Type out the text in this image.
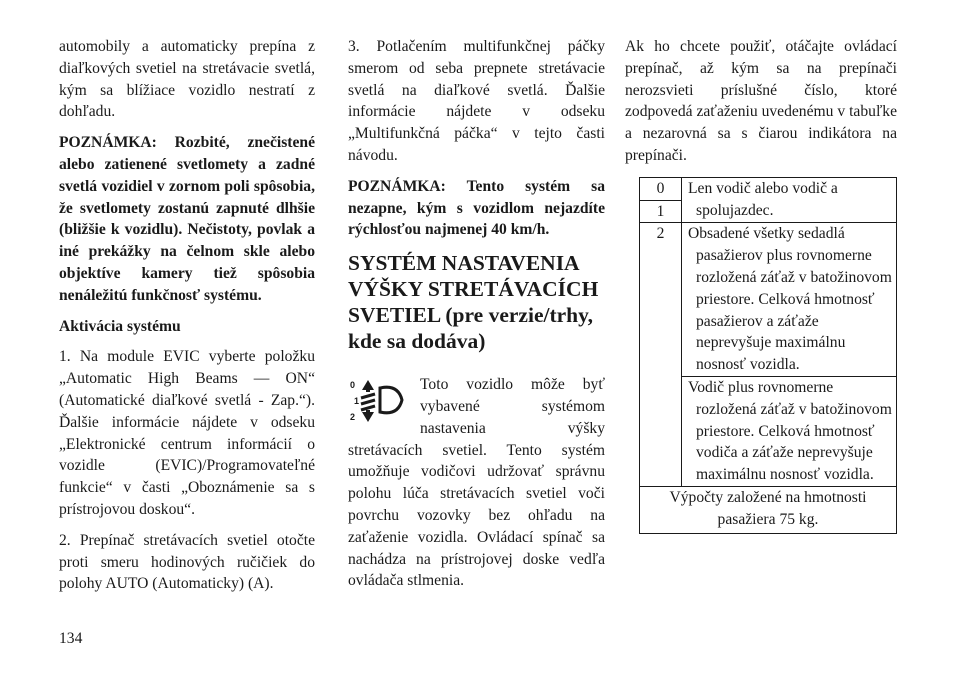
automobily a automaticky prepína z diaľkových svetiel na stretávacie svetlá, kým sa blížiace vozidlo nestratí z dohľadu.

POZNÁMKA: Rozbité, znečistené alebo zatienené svetlomety a zadné svetlá vozidiel v zornom poli spôsobia, že svetlomety zostanú zapnuté dlhšie (bližšie k vozidlu). Nečistoty, povlak a iné prekážky na čelnom skle alebo objektíve kamery tiež spôsobia nenáležitú funkčnosť systému.

Aktivácia systému

1. Na module EVIC vyberte položku „Automatic High Beams — ON“ (Automatické diaľkové svetlá - Zap.“). Ďalšie informácie nájdete v odseku „Elektronické centrum informácií o vozidle (EVIC)/Programovateľné funkcie“ v časti „Oboznámenie sa s prístrojovou doskou“.

2. Prepínač stretávacích svetiel otočte proti smeru hodinových ručičiek do polohy AUTO (Automaticky) (A).

3. Potlačením multifunkčnej páčky smerom od seba prepnete stretávacie svetlá na diaľkové svetlá. Ďalšie informácie nájdete v odseku „Multifunkčná páčka“ v tejto časti návodu.

POZNÁMKA: Tento systém sa nezapne, kým s vozidlom nejazdíte rýchlosťou najmenej 40 km/h.

SYSTÉM NASTAVENIA VÝŠKY STRETÁVACÍCH SVETIEL (pre verzie/trhy, kde sa dodáva)
0
1
2

Toto vozidlo môže byť vybavené systémom nastavenia výšky stretávacích svetiel. Tento systém umožňuje vodičovi udržovať správnu polohu lúča stretávacích svetiel voči povrchu vozovky bez ohľadu na zaťaženie vozidla. Ovládací spínač sa nachádza na prístrojovej doske vedľa ovládača stlmenia.

Ak ho chcete použiť, otáčajte ovládací prepínač, až kým sa na prepínači nerozsvieti príslušné číslo, ktoré zodpovedá zaťaženiu uvedenému v tabuľke a nezarovná sa s čiarou indikátora na prepínači.

0	Len vodič alebo vodič a spolujazdec.
1	
2	Obsadené všetky sedadlá pasažierov plus rovnomerne rozložená záťaž v batožinovom priestore. Celková hmotnosť pasažierov a záťaže neprevyšuje maximálnu nosnosť vozidla.
	Vodič plus rovnomerne rozložená záťaž v batožinovom priestore. Celková hmotnosť vodiča a záťaže neprevyšuje maximálnu nosnosť vozidla.
Výpočty založené na hmotnosti pasažiera 75 kg.	
134
